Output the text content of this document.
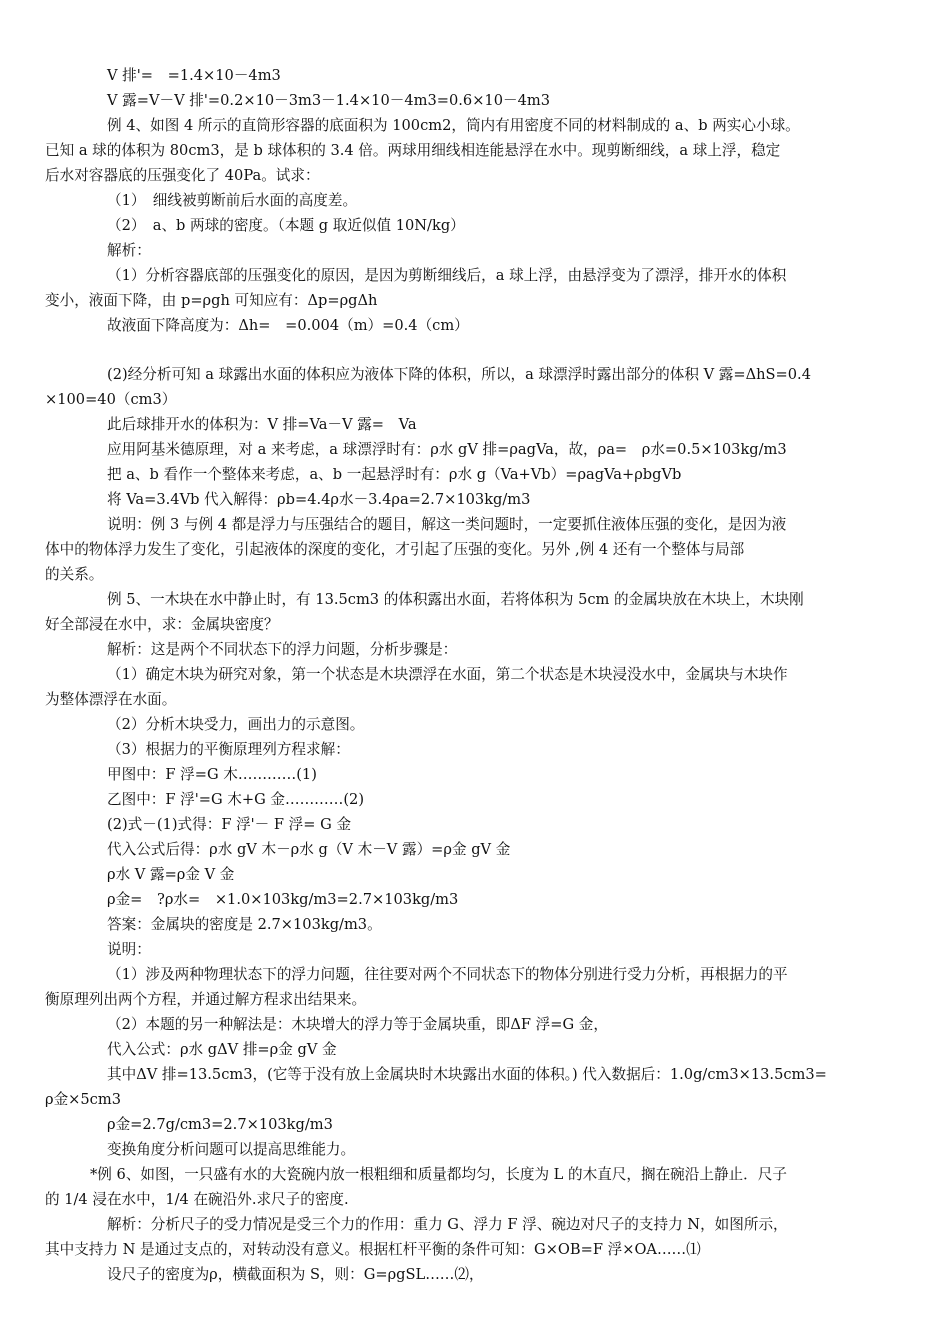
V 排'=　=1.4×10－4m3

V 露=V－V 排'=0.2×10－3m3－1.4×10－4m3=0.6×10－4m3

例 4、如图 4 所示的直筒形容器的底面积为 100cm2，筒内有用密度不同的材料制成的 a、b 两实心小球。

已知 a 球的体积为 80cm3，是 b 球体积的 3.4 倍。两球用细线相连能悬浮在水中。现剪断细线，a 球上浮，稳定

后水对容器底的压强变化了 40Pa。试求：

（1）　细线被剪断前后水面的高度差。

（2）　a、b 两球的密度。（本题 g 取近似值 10N/kg）

解析：

（1）分析容器底部的压强变化的原因，是因为剪断细线后，a 球上浮，由悬浮变为了漂浮，排开水的体积

变小，液面下降，由 p=ρgh 可知应有：Δp=ρgΔh

故液面下降高度为：Δh=　=0.004（m）=0.4（cm）

(2)经分析可知 a 球露出水面的体积应为液体下降的体积，所以，a 球漂浮时露出部分的体积 V 露=ΔhS=0.4

×100=40（cm3）

此后球排开水的体积为：V 排=Va－V 露=　Va

应用阿基米德原理，对 a 来考虑，a 球漂浮时有：ρ水 gV 排=ρagVa，故，ρa=　ρ水=0.5×103kg/m3

把 a、b 看作一个整体来考虑，a、b 一起悬浮时有：ρ水 g（Va+Vb）=ρagVa+ρbgVb

将 Va=3.4Vb 代入解得：ρb=4.4ρ水－3.4ρa=2.7×103kg/m3

说明：例 3 与例 4 都是浮力与压强结合的题目，解这一类问题时，一定要抓住液体压强的变化，是因为液

体中的物体浮力发生了变化，引起液体的深度的变化，才引起了压强的变化。另外 ,例 4 还有一个整体与局部

的关系。

例 5、一木块在水中静止时，有 13.5cm3 的体积露出水面，若将体积为 5cm 的金属块放在木块上，木块刚

好全部浸在水中，求：金属块密度？

解析：这是两个不同状态下的浮力问题，分析步骤是：

（1）确定木块为研究对象，第一个状态是木块漂浮在水面，第二个状态是木块浸没水中，金属块与木块作

为整体漂浮在水面。

（2）分析木块受力，画出力的示意图。

（3）根据力的平衡原理列方程求解：

甲图中：F 浮=G 木…………(1)

乙图中：F 浮'=G 木+G 金…………(2)

(2)式－(1)式得：F 浮'－ F 浮= G 金

代入公式后得：ρ水 gV 木－ρ水 g（V 木－V 露）=ρ金 gV 金

ρ水 V 露=ρ金 V 金

ρ金=　?ρ水=　×1.0×103kg/m3=2.7×103kg/m3

答案：金属块的密度是 2.7×103kg/m3。

说明：

（1）涉及两种物理状态下的浮力问题，往往要对两个不同状态下的物体分别进行受力分析，再根据力的平

衡原理列出两个方程，并通过解方程求出结果来。

（2）本题的另一种解法是：木块增大的浮力等于金属块重，即ΔF 浮=G 金，

代入公式：ρ水 gΔV 排=ρ金 gV 金

其中ΔV 排=13.5cm3，(它等于没有放上金属块时木块露出水面的体积。) 代入数据后：1.0g/cm3×13.5cm3=

ρ金×5cm3

ρ金=2.7g/cm3=2.7×103kg/m3

变换角度分析问题可以提高思维能力。

*例 6、如图，一只盛有水的大瓷碗内放一根粗细和质量都均匀，长度为 L 的木直尺，搁在碗沿上静止．尺子

的 1/4 浸在水中，1/4 在碗沿外.求尺子的密度.

解析：分析尺子的受力情况是受三个力的作用：重力 G、浮力 F 浮、碗边对尺子的支持力 N，如图所示，

其中支持力 N 是通过支点的，对转动没有意义。根据杠杆平衡的条件可知：G×OB=F 浮×OA……⑴

设尺子的密度为ρ，横截面积为 S，则：G=ρgSL……⑵，
